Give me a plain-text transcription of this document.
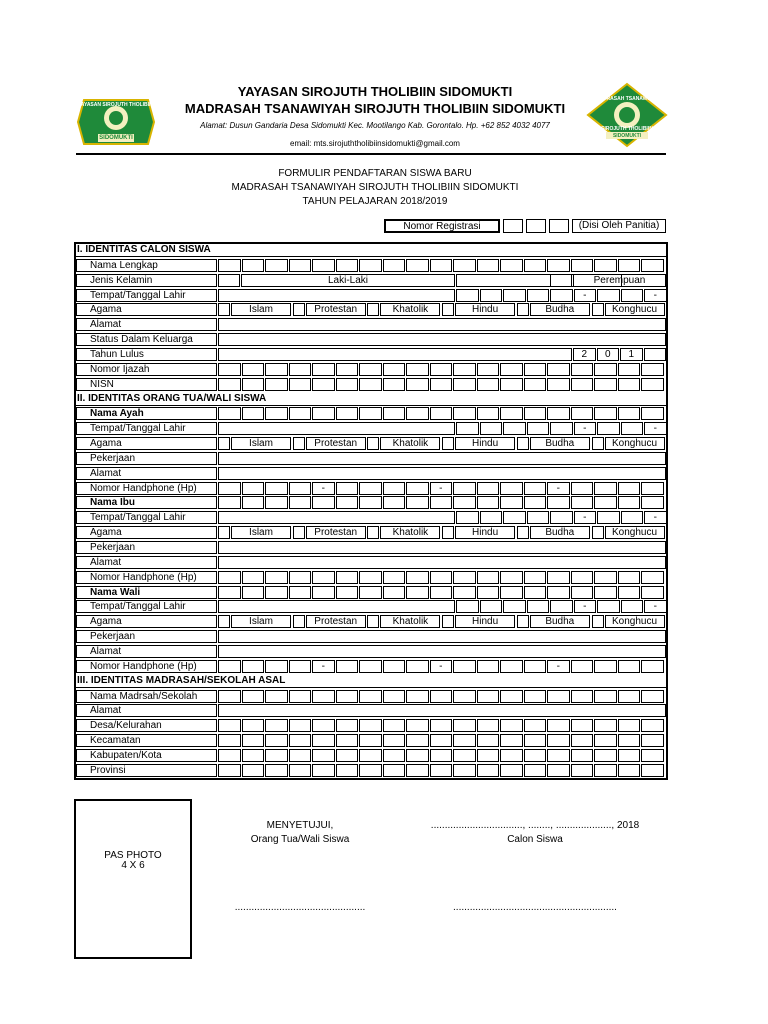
YAYASAN SIROJUTH THOLIBIIN
SIDOMUKTI
MADRASAH TSANAWIYAH
SIROJUTH THOLIBIIN
SIDOMUKTI
YAYASAN SIROJUTH THOLIBIIN SIDOMUKTI
MADRASAH TSANAWIYAH SIROJUTH THOLIBIIN SIDOMUKTI
Alamat: Dusun Gandaria Desa Sidomukti Kec. Mootilango Kab. Gorontalo. Hp. +62 852 4032 4077
email: mts.sirojuththolibiinsidomukti@gmail.com
FORMULIR PENDAFTARAN SISWA BARU
MADRASAH TSANAWIYAH SIROJUTH THOLIBIIN SIDOMUKTI
TAHUN PELAJARAN 2018/2019
Nomor Registrasi	(Disi Oleh Panitia)
I. IDENTITAS CALON SISWA
Nama Lengkap
Jenis Kelamin	Laki-Laki	Perempuan
Tempat/Tanggal Lahir	-	-
Agama	Islam	Protestan	Khatolik	Hindu	Budha	Konghucu
Alamat
Status Dalam Keluarga
Tahun Lulus	2	0	1
Nomor Ijazah
NISN
II. IDENTITAS ORANG TUA/WALI SISWA
Nama Ayah
Tempat/Tanggal Lahir	-	-
Agama	Islam	Protestan	Khatolik	Hindu	Budha	Konghucu
Pekerjaan
Alamat
Nomor Handphone (Hp)	-	-	-
Nama Ibu
Tempat/Tanggal Lahir	-	-
Agama	Islam	Protestan	Khatolik	Hindu	Budha	Konghucu
Pekerjaan
Alamat
Nomor Handphone (Hp)
Nama Wali
Tempat/Tanggal Lahir	-	-
Agama	Islam	Protestan	Khatolik	Hindu	Budha	Konghucu
Pekerjaan
Alamat
Nomor Handphone (Hp)	-	-	-
III. IDENTITAS MADRASAH/SEKOLAH ASAL
Nama Madrsah/Sekolah
Alamat
Desa/Kelurahan
Kecamatan
Kabupaten/Kota
Provinsi
PAS PHOTO
4 X 6
MENYETUJUI,
Orang Tua/Wali Siswa
................................., ........, ...................., 2018
Calon Siswa
...............................................	...........................................................
